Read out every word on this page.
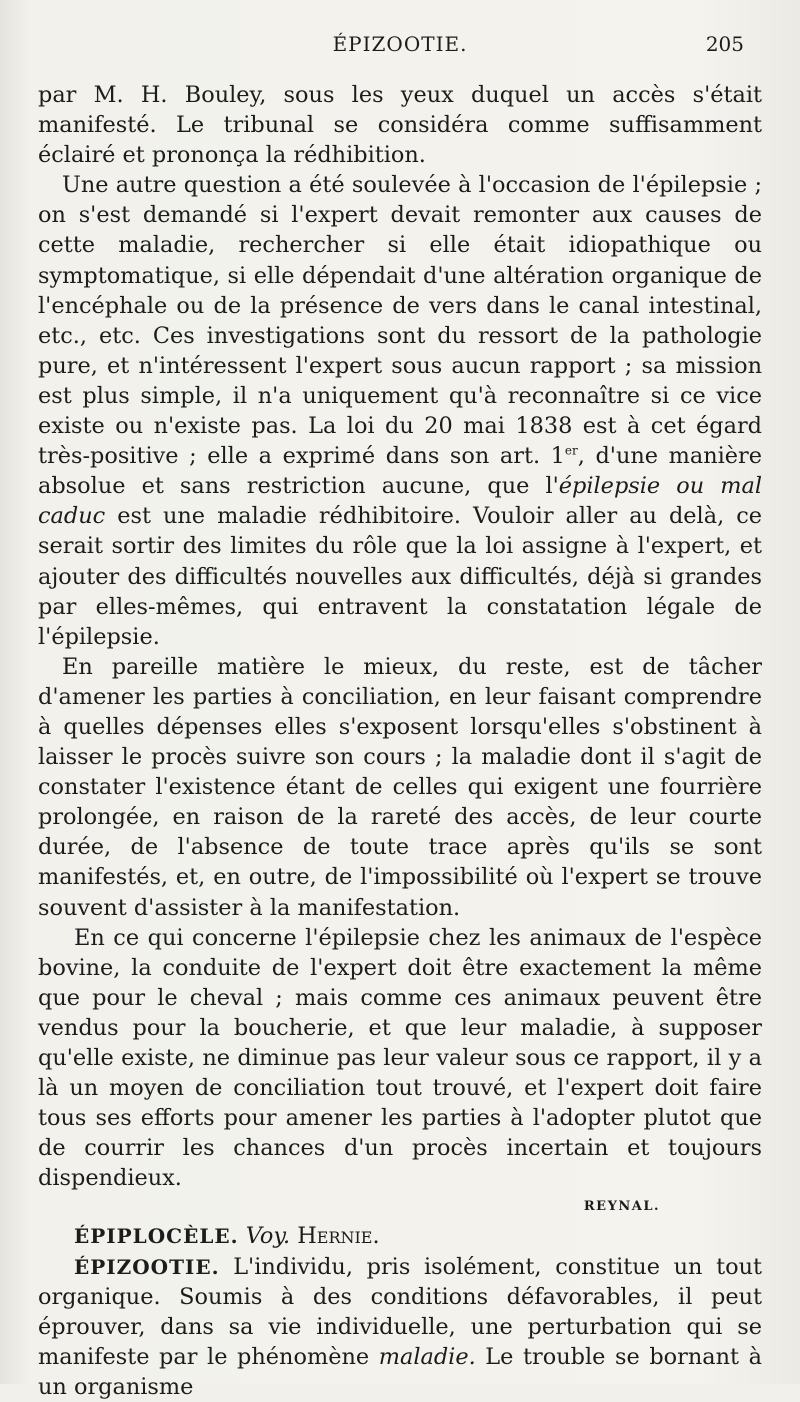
ÉPIZOOTIE.	205

par M. H. Bouley, sous les yeux duquel un accès s'était manifesté. Le tribunal se considéra comme suffisamment éclairé et prononça la rédhibition.

Une autre question a été soulevée à l'occasion de l'épilepsie ; on s'est demandé si l'expert devait remonter aux causes de cette maladie, rechercher si elle était idiopathique ou symptomatique, si elle dépendait d'une altération organique de l'encéphale ou de la présence de vers dans le canal intestinal, etc., etc. Ces investigations sont du ressort de la pathologie pure, et n'intéressent l'expert sous aucun rapport ; sa mission est plus simple, il n'a uniquement qu'à reconnaître si ce vice existe ou n'existe pas. La loi du 20 mai 1838 est à cet égard très-positive ; elle a exprimé dans son art. 1er, d'une manière absolue et sans restriction aucune, que l'épilepsie ou mal caduc est une maladie rédhibitoire. Vouloir aller au delà, ce serait sortir des limites du rôle que la loi assigne à l'expert, et ajouter des difficultés nouvelles aux difficultés, déjà si grandes par elles-mêmes, qui entravent la constatation légale de l'épilepsie.

En pareille matière le mieux, du reste, est de tâcher d'amener les parties à conciliation, en leur faisant comprendre à quelles dépenses elles s'exposent lorsqu'elles s'obstinent à laisser le procès suivre son cours ; la maladie dont il s'agit de constater l'existence étant de celles qui exigent une fourrière prolongée, en raison de la rareté des accès, de leur courte durée, de l'absence de toute trace après qu'ils se sont manifestés, et, en outre, de l'impossibilité où l'expert se trouve souvent d'assister à la manifestation.

En ce qui concerne l'épilepsie chez les animaux de l'espèce bovine, la conduite de l'expert doit être exactement la même que pour le cheval ; mais comme ces animaux peuvent être vendus pour la boucherie, et que leur maladie, à supposer qu'elle existe, ne diminue pas leur valeur sous ce rapport, il y a là un moyen de conciliation tout trouvé, et l'expert doit faire tous ses efforts pour amener les parties à l'adopter plutot que de courrir les chances d'un procès incertain et toujours dispendieux.

REYNAL.

ÉPIPLOCÈLE. Voy. Hernie.

ÉPIZOOTIE. L'individu, pris isolément, constitue un tout organique. Soumis à des conditions défavorables, il peut éprouver, dans sa vie individuelle, une perturbation qui se manifeste par le phénomène maladie. Le trouble se bornant à un organisme
